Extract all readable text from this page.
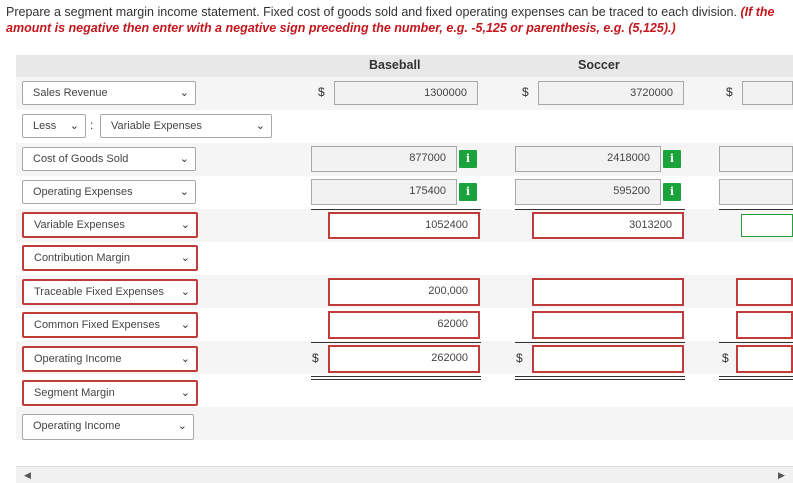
Prepare a segment margin income statement. Fixed cost of goods sold and fixed operating expenses can be traced to each division. (If the amount is negative then enter with a negative sign preceding the number, e.g. -5,125 or parenthesis, e.g. (5,125).)
Baseball	Soccer
Sales Revenue	⌄	$	1300000	$	3720000	$
Less ⌄ :	Variable Expenses	⌄
Cost of Goods Sold	⌄	877000	i	2418000	i
Operating Expenses	⌄	175400	i	595200	i
Variable Expenses	⌄	1052400	3013200
Contribution Margin	⌄
Traceable Fixed Expenses ⌄	200,000
Common Fixed Expenses ⌄	62000
Operating Income	⌄	$	262000	$	$
Segment Margin	⌄
Operating Income	⌄
◀	▶
